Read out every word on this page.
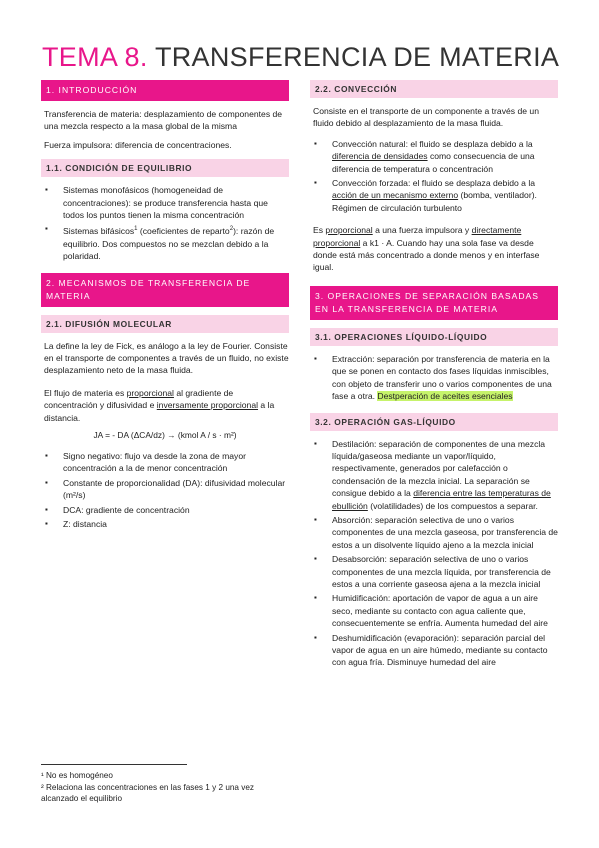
TEMA 8. TRANSFERENCIA DE MATERIA
1. INTRODUCCIÓN

Transferencia de materia: desplazamiento de componentes de una mezcla respecto a la masa global de la misma

Fuerza impulsora: diferencia de concentraciones.

1.1. CONDICIÓN DE EQUILIBRIO
▪ Sistemas monofásicos (homogeneidad de concentraciones): se produce transferencia hasta que todos los puntos tienen la misma concentración
▪ Sistemas bifásicos$^1$ (coeficientes de reparto$^2$): razón de equilibrio. Dos compuestos no se mezclan debido a la polaridad.
2. MECANISMOS DE TRANSFERENCIA DE MATERIA
2.1. DIFUSIÓN MOLECULAR

La define la ley de Fick, es análogo a la ley de Fourier. Consiste en el transporte de componentes a través de un fluido, no existe desplazamiento neto de la masa fluida.

El flujo de materia es proporcional al gradiente de concentración y difusividad e inversamente proporcional a la distancia.

JA = - DA (ΔCA/dz) → (kmol A / s · m²)
▪ Signo negativo: flujo va desde la zona de mayor concentración a la de menor concentración
▪ Constante de proporcionalidad (DA): difusividad molecular (m²/s)
▪ DCA: gradiente de concentración
▪ Z: distancia
¹ No es homogéneo
² Relaciona las concentraciones en las fases 1 y 2 una vez alcanzado el equilibrio
2.2. CONVECCIÓN

Consiste en el transporte de un componente a través de un fluido debido al desplazamiento de la masa fluida.

▪ Convección natural: el fluido se desplaza debido a la diferencia de densidades como consecuencia de una diferencia de temperatura o concentración
▪ Convección forzada: el fluido se desplaza debido a la acción de un mecanismo externo (bomba, ventilador). Régimen de circulación turbulento

Es proporcional a una fuerza impulsora y directamente proporcional a k1 · A. Cuando hay una sola fase va desde donde está más concentrado a donde menos y en interfase igual.

3. OPERACIONES DE SEPARACIÓN BASADAS EN LA TRANSFERENCIA DE MATERIA
3.1. OPERACIONES LÍQUIDO-LÍQUIDO
▪ Extracción: separación por transferencia de materia en la que se ponen en contacto dos fases líquidas inmiscibles, con objeto de transferir uno o varios componentes de una fase a otra. Destperación de aceites esenciales
3.2. OPERACIÓN GAS-LÍQUIDO
▪ Destilación: separación de componentes de una mezcla líquida/gaseosa mediante un vapor/líquido, respectivamente, generados por calefacción o condensación de la mezcla inicial. La separación se consigue debido a la diferencia entre las temperaturas de ebullición (volatilidades) de los compuestos a separar.
▪ Absorción: separación selectiva de uno o varios componentes de una mezcla gaseosa, por transferencia de estos a un disolvente líquido ajeno a la mezcla inicial
▪ Desabsorción: separación selectiva de uno o varios componentes de una mezcla líquida, por transferencia de estos a una corriente gaseosa ajena a la mezcla inicial
▪ Humidificación: aportación de vapor de agua a un aire seco, mediante su contacto con agua caliente que, consecuentemente se enfría. Aumenta humedad del aire
▪ Deshumidificación (evaporación): separación parcial del vapor de agua en un aire húmedo, mediante su contacto con agua fría. Disminuye humedad del aire
